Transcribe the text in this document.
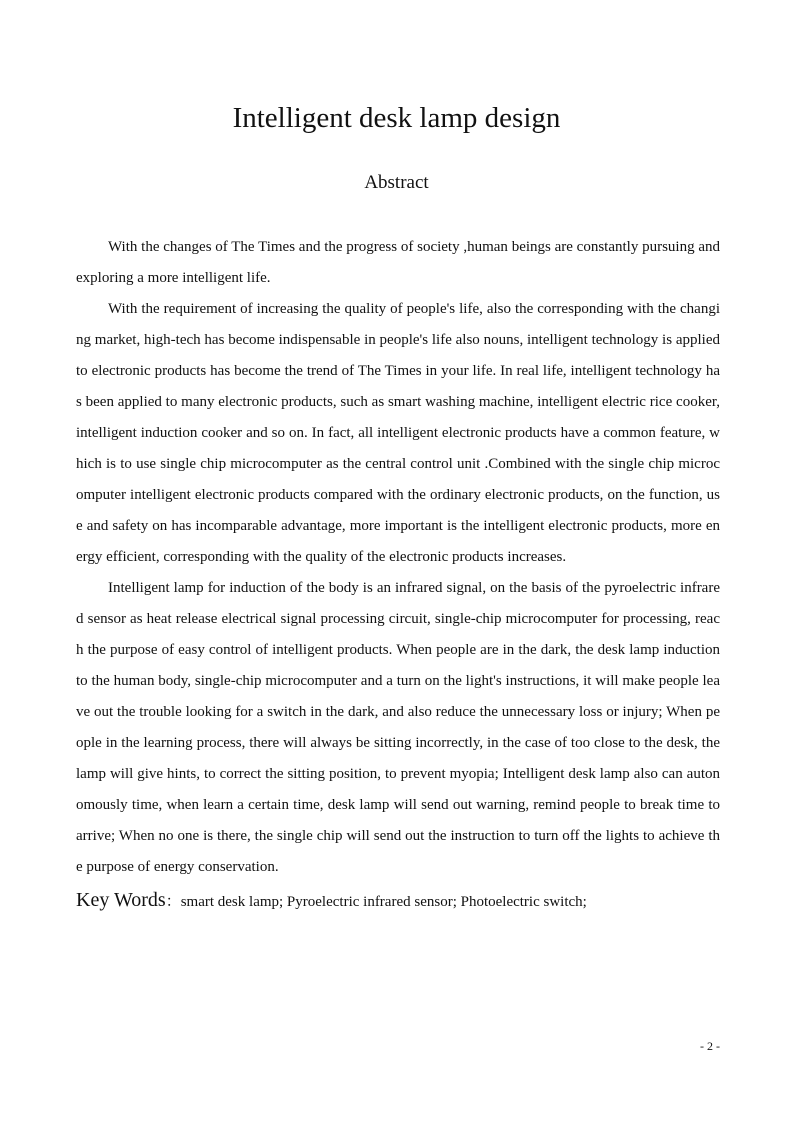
Intelligent desk lamp design
Abstract

With the changes of The Times and the progress of society ,human beings are constantly pursuing and exploring a more intelligent life.

With the requirement of increasing the quality of people's life, also the corresponding with the changing market, high-tech has become indispensable in people's life also nouns, intelligent technology is applied to electronic products has become the trend of The Times in your life. In real life, intelligent technology has been applied to many electronic products, such as smart washing machine, intelligent electric rice cooker, intelligent induction cooker and so on. In fact, all intelligent electronic products have a common feature, which is to use single chip microcomputer as the central control unit .Combined with the single chip microcomputer intelligent electronic products compared with the ordinary electronic products, on the function, use and safety on has incomparable advantage, more important is the intelligent electronic products, more energy efficient, corresponding with the quality of the electronic products increases.

Intelligent lamp for induction of the body is an infrared signal, on the basis of the pyroelectric infrared sensor as heat release electrical signal processing circuit, single-chip microcomputer for processing, reach the purpose of easy control of intelligent products. When people are in the dark, the desk lamp induction to the human body, single-chip microcomputer and a turn on the light's instructions, it will make people leave out the trouble looking for a switch in the dark, and also reduce the unnecessary loss or injury; When people in the learning process, there will always be sitting incorrectly, in the case of too close to the desk, the lamp will give hints, to correct the sitting position, to prevent myopia; Intelligent desk lamp also can autonomously time, when learn a certain time, desk lamp will send out warning, remind people to break time to arrive; When no one is there, the single chip will send out the instruction to turn off the lights to achieve the purpose of energy conservation.

Key Words：smart desk lamp; Pyroelectric infrared sensor; Photoelectric switch;

- 2 -
